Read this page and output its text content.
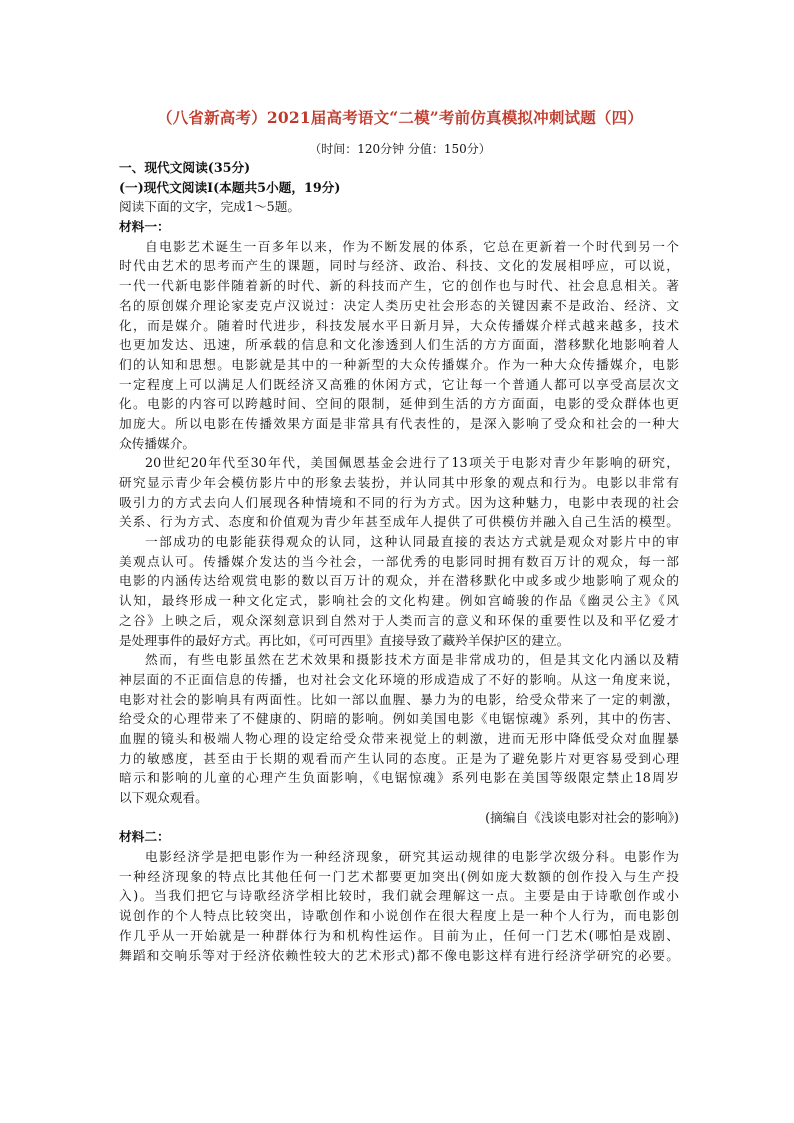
（八省新高考）2021届高考语文“二模”考前仿真模拟冲刺试题（四）
（时间：120分钟 分值：150分）
一、现代文阅读(35分)
(一)现代文阅读Ⅰ(本题共5小题，19分)
阅读下面的文字，完成1～5题。
材料一：
自电影艺术诞生一百多年以来，作为不断发展的体系，它总在更新着一个时代到另一个
时代由艺术的思考而产生的课题，同时与经济、政治、科技、文化的发展相呼应，可以说，
一代一代新电影伴随着新的时代、新的科技而产生，它的创作也与时代、社会息息相关。著
名的原创媒介理论家麦克卢汉说过：决定人类历史社会形态的关键因素不是政治、经济、文
化，而是媒介。随着时代进步，科技发展水平日新月异，大众传播媒介样式越来越多，技术
也更加发达、迅速，所承载的信息和文化渗透到人们生活的方方面面，潜移默化地影响着人
们的认知和思想。电影就是其中的一种新型的大众传播媒介。作为一种大众传播媒介，电影
一定程度上可以满足人们既经济又高雅的休闲方式，它让每一个普通人都可以享受高层次文
化。电影的内容可以跨越时间、空间的限制，延伸到生活的方方面面，电影的受众群体也更
加庞大。所以电影在传播效果方面是非常具有代表性的，是深入影响了受众和社会的一种大
众传播媒介。
20世纪20年代至30年代，美国佩恩基金会进行了13项关于电影对青少年影响的研究，
研究显示青少年会模仿影片中的形象去装扮，并认同其中形象的观点和行为。电影以非常有
吸引力的方式去向人们展现各种情境和不同的行为方式。因为这种魅力，电影中表现的社会
关系、行为方式、态度和价值观为青少年甚至成年人提供了可供模仿并融入自己生活的模型。
一部成功的电影能获得观众的认同，这种认同最直接的表达方式就是观众对影片中的审
美观点认可。传播媒介发达的当今社会，一部优秀的电影同时拥有数百万计的观众，每一部
电影的内涵传达给观赏电影的数以百万计的观众，并在潜移默化中或多或少地影响了观众的
认知，最终形成一种文化定式，影响社会的文化构建。例如宫崎骏的作品《幽灵公主》《风
之谷》上映之后，观众深刻意识到自然对于人类而言的意义和环保的重要性以及和平亿爱才
是处理事件的最好方式。再比如，《可可西里》直接导致了藏羚羊保护区的建立。
然而，有些电影虽然在艺术效果和摄影技术方面是非常成功的，但是其文化内涵以及精
神层面的不正面信息的传播，也对社会文化环境的形成造成了不好的影响。从这一角度来说，
电影对社会的影响具有两面性。比如一部以血腥、暴力为的电影，给受众带来了一定的刺激，
给受众的心理带来了不健康的、阴暗的影响。例如美国电影《电锯惊魂》系列，其中的伤害、
血腥的镜头和极端人物心理的设定给受众带来视觉上的刺激，进而无形中降低受众对血腥暴
力的敏感度，甚至由于长期的观看而产生认同的态度。正是为了避免影片对更容易受到心理
暗示和影响的儿童的心理产生负面影响，《电锯惊魂》系列电影在美国等级限定禁止18周岁
以下观众观看。
(摘编自《浅谈电影对社会的影响》)
材料二：
电影经济学是把电影作为一种经济现象，研究其运动规律的电影学次级分科。电影作为
一种经济现象的特点比其他任何一门艺术都要更加突出(例如庞大数额的创作投入与生产投
入)。当我们把它与诗歌经济学相比较时，我们就会理解这一点。主要是由于诗歌创作或小
说创作的个人特点比较突出，诗歌创作和小说创作在很大程度上是一种个人行为，而电影创
作几乎从一开始就是一种群体行为和机构性运作。目前为止，任何一门艺术(哪怕是戏剧、
舞蹈和交响乐等对于经济依赖性较大的艺术形式)都不像电影这样有进行经济学研究的必要。
